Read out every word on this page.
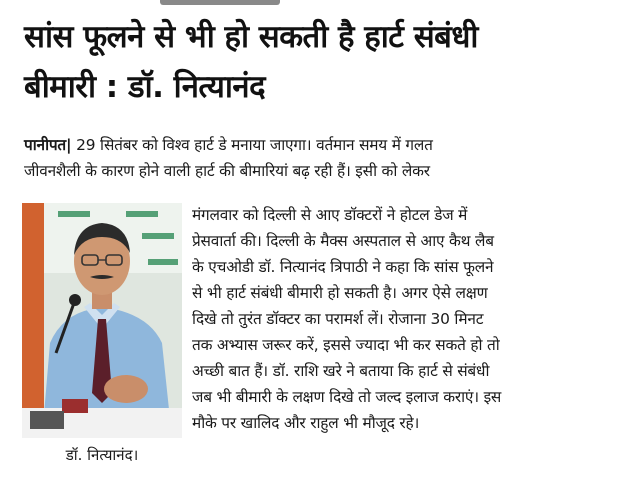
सांस फूलने से भी हो सकती है हार्ट संबंधी
बीमारी : डॉ. नित्यानंद
पानीपत| 29 सितंबर को विश्व हार्ट डे मनाया जाएगा। वर्तमान समय में गलत
जीवनशैली के कारण होने वाली हार्ट की बीमारियां बढ़ रही हैं। इसी को लेकर
मंगलवार को दिल्ली से आए डॉक्टरों ने होटल डेज में
प्रेसवार्ता की। दिल्ली के मैक्स अस्पताल से आए कैथ लैब
के एचओडी डॉ. नित्यानंद त्रिपाठी ने कहा कि सांस फूलने
से भी हार्ट संबंधी बीमारी हो सकती है। अगर ऐसे लक्षण
दिखे तो तुरंत डॉक्टर का परामर्श लें। रोजाना 30 मिनट
तक अभ्यास जरूर करें, इससे ज्यादा भी कर सकते हो तो
अच्छी बात हैं। डॉ. राशि खरे ने बताया कि हार्ट से संबंधी
जब भी बीमारी के लक्षण दिखे तो जल्द इलाज कराएं। इस
मौके पर खालिद और राहुल भी मौजूद रहे।
डॉ. नित्यानंद।
